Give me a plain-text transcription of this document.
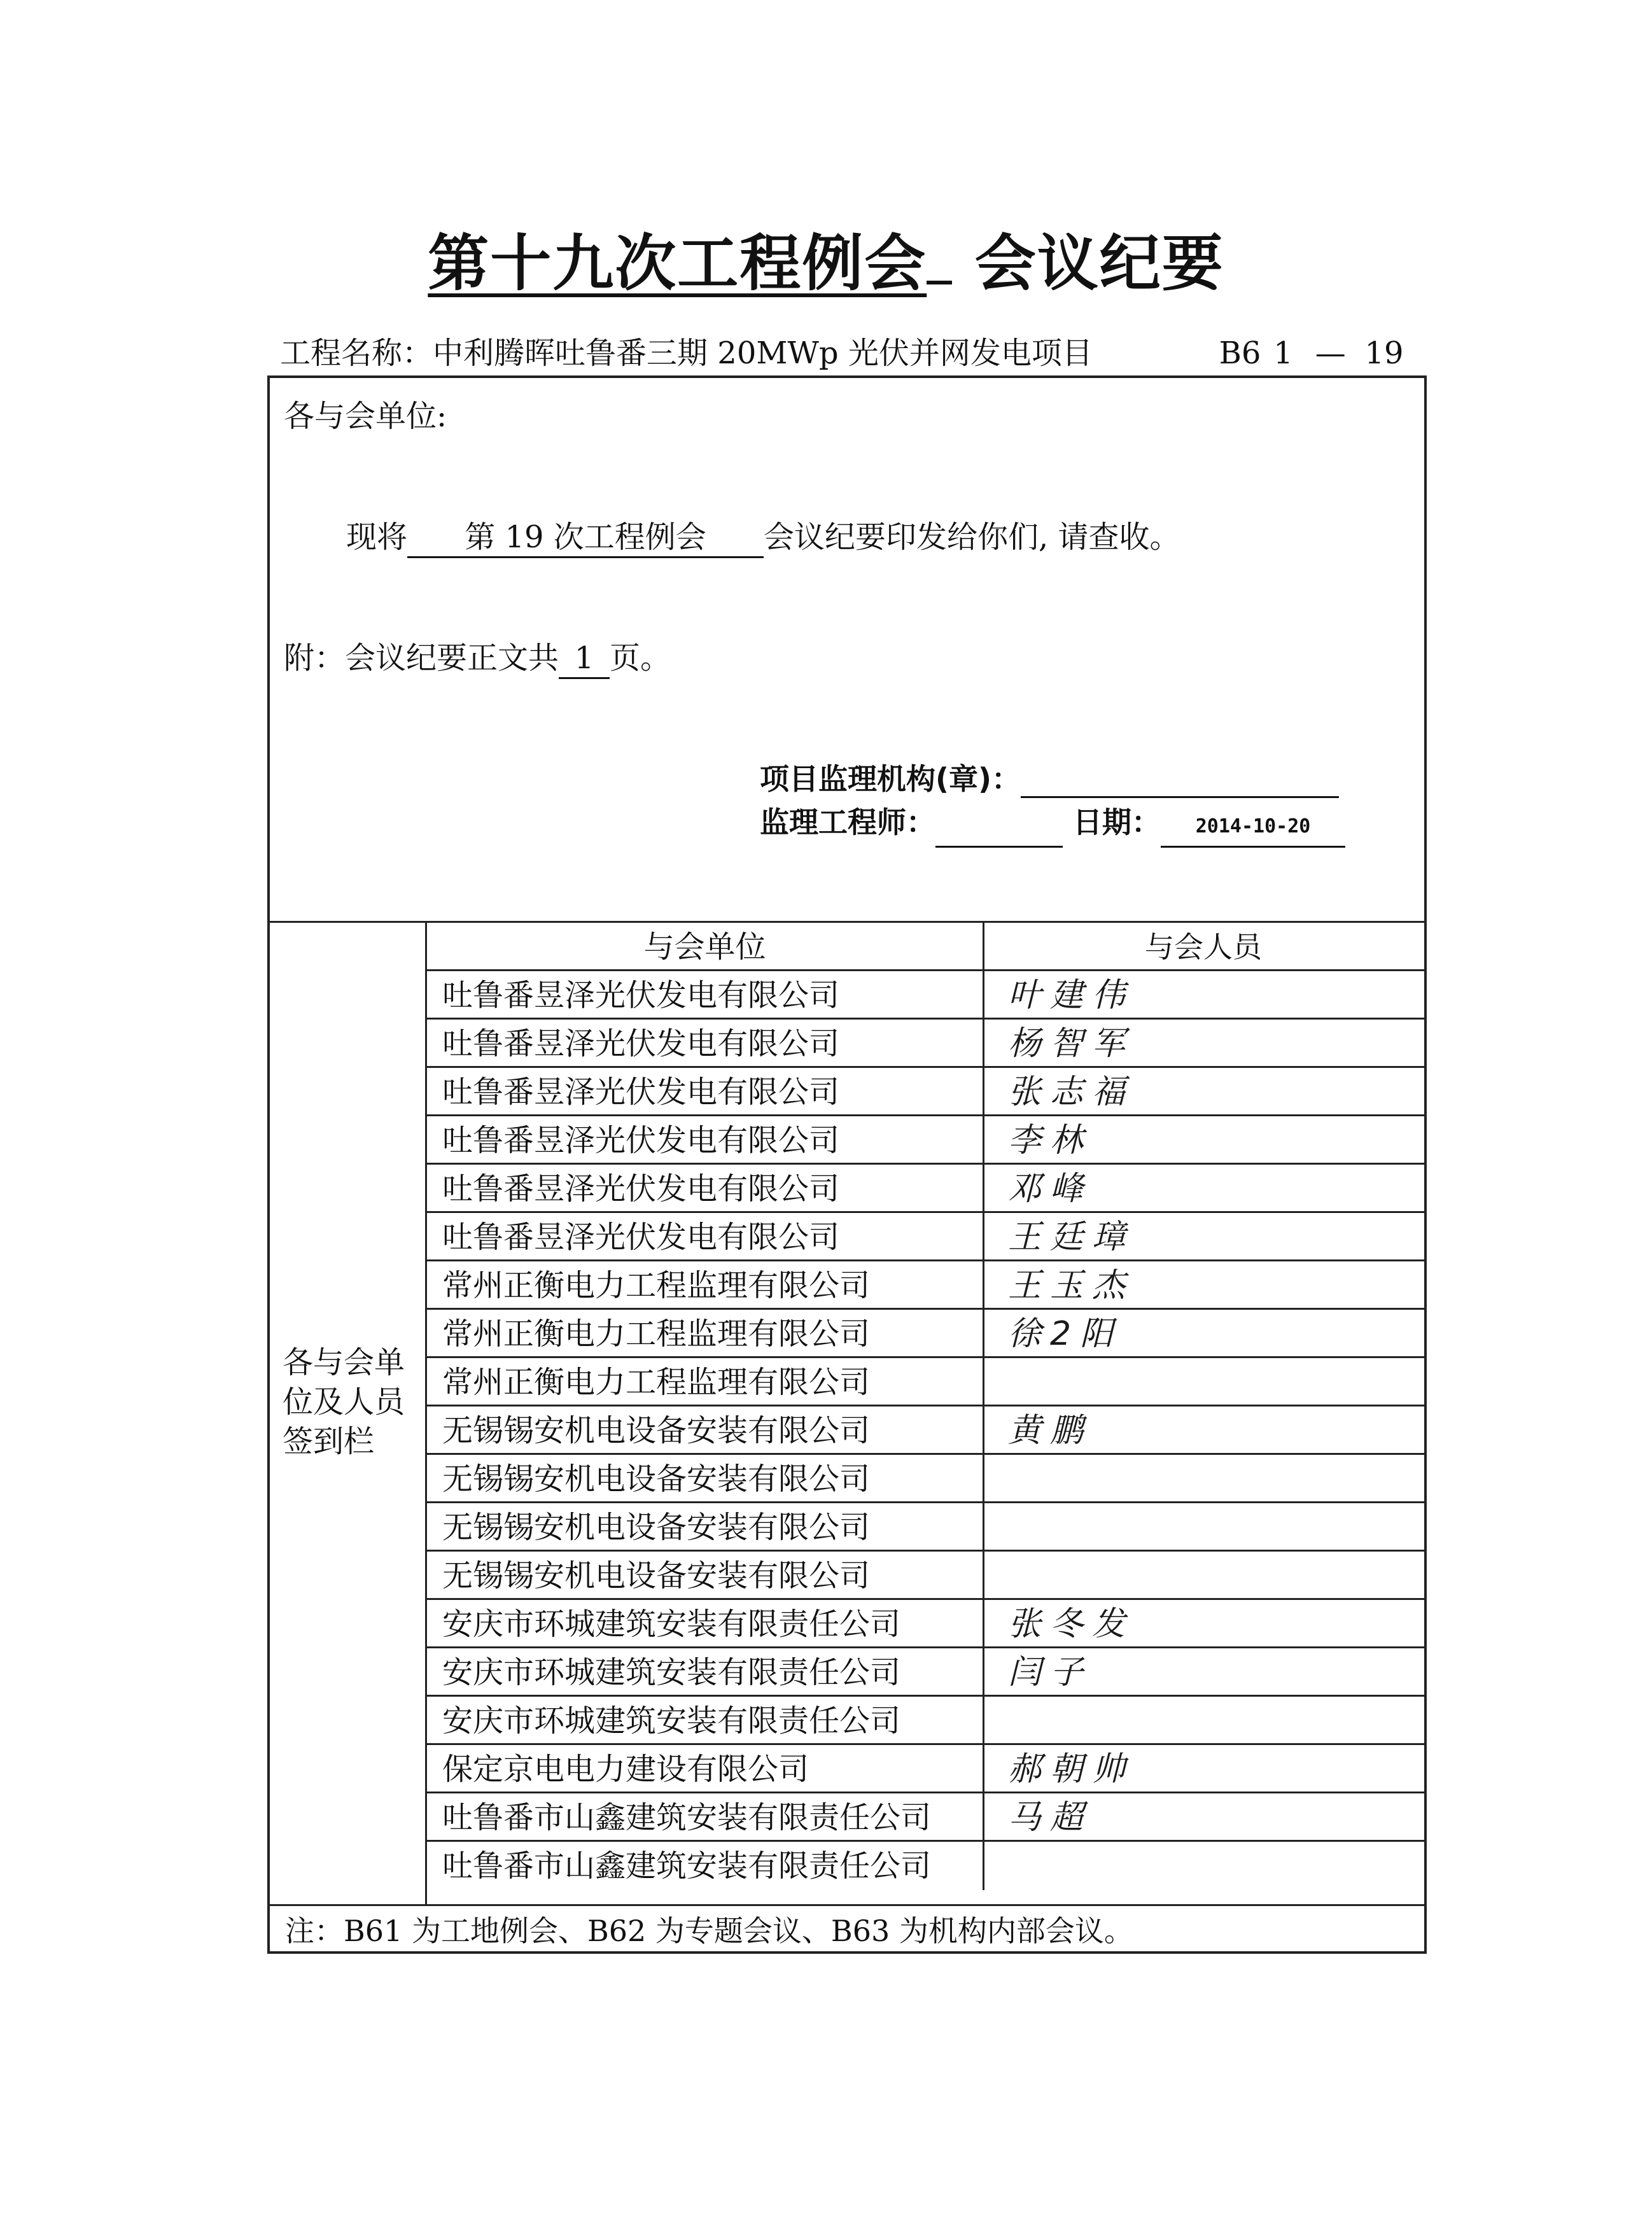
第十九次工程例会 会议纪要
工程名称：中利腾晖吐鲁番三期 20MWp 光伏并网发电项目	B6 1 — 19
各与会单位:
现将 第 19 次工程例会 会议纪要印发给你们, 请查收。
附：会议纪要正文共 1 页。
项目监理机构(章)：
监理工程师：	日期： 2014-10-20
各与会单位及人员签到栏
与会单位	与会人员
吐鲁番昱泽光伏发电有限公司	叶建伟
吐鲁番昱泽光伏发电有限公司	杨智军
吐鲁番昱泽光伏发电有限公司	张志福
吐鲁番昱泽光伏发电有限公司	李林
吐鲁番昱泽光伏发电有限公司	邓峰
吐鲁番昱泽光伏发电有限公司	王廷璋
常州正衡电力工程监理有限公司	王玉杰
常州正衡电力工程监理有限公司	徐2阳
常州正衡电力工程监理有限公司
无锡锡安机电设备安装有限公司	黄鹏
无锡锡安机电设备安装有限公司
无锡锡安机电设备安装有限公司
无锡锡安机电设备安装有限公司
安庆市环城建筑安装有限责任公司	张冬发
安庆市环城建筑安装有限责任公司	闫子
安庆市环城建筑安装有限责任公司
保定京电电力建设有限公司	郝朝帅
吐鲁番市山鑫建筑安装有限责任公司	马超
吐鲁番市山鑫建筑安装有限责任公司
注：B61 为工地例会、B62 为专题会议、B63 为机构内部会议。
